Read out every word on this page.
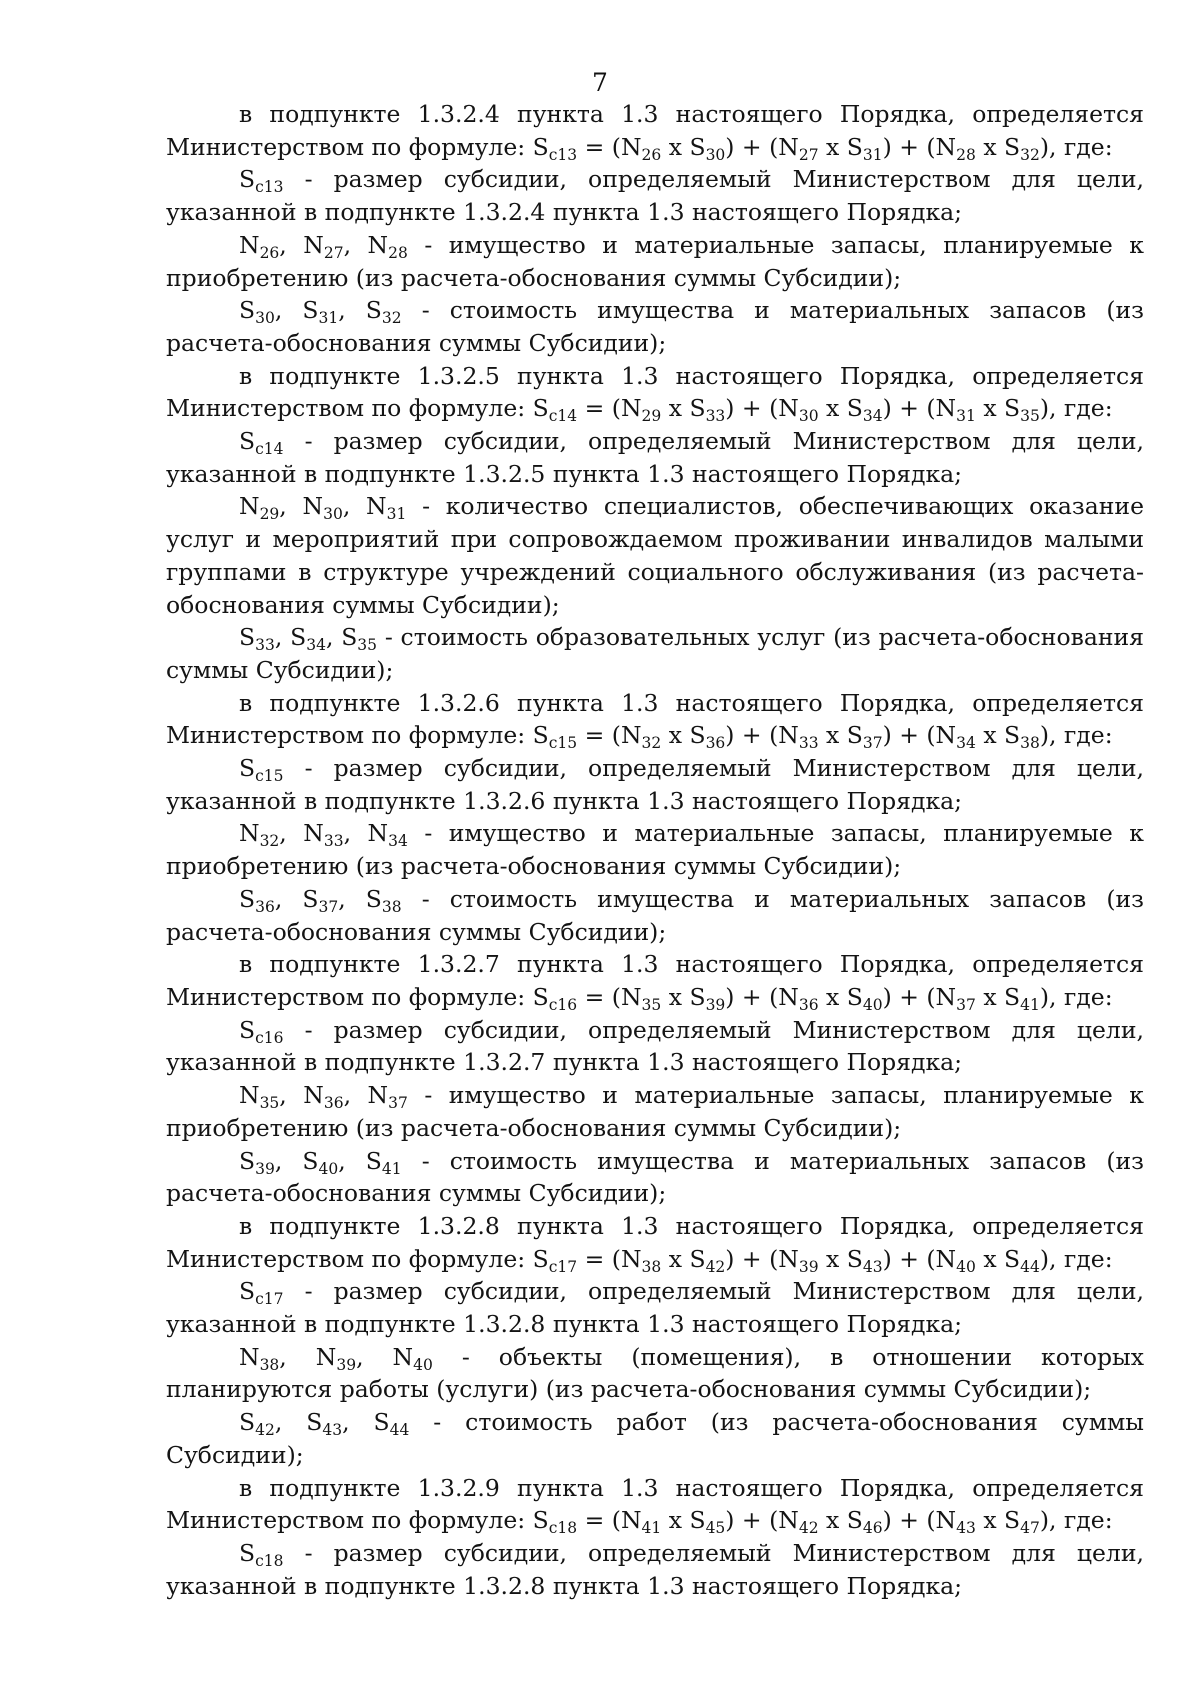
7

в подпункте 1.3.2.4 пункта 1.3 настоящего Порядка, определяется Министерством по формуле: $S_{с13} = (N_{26}$ x $S_{30}) + (N_{27}$ x $S_{31}) + (N_{28}$ x $S_{32}$), где:

$S_{с13}$ - размер субсидии, определяемый Министерством для цели, указанной в подпункте 1.3.2.4 пункта 1.3 настоящего Порядка;

$N_{26}$, $N_{27}$, $N_{28}$ - имущество и материальные запасы, планируемые к приобретению (из расчета-обоснования суммы Субсидии);

$S_{30}$, $S_{31}$, $S_{32}$ - стоимость имущества и материальных запасов (из расчета-обоснования суммы Субсидии);

в подпункте 1.3.2.5 пункта 1.3 настоящего Порядка, определяется Министерством по формуле: $S_{с14} = (N_{29}$ x $S_{33}) + (N_{30}$ x $S_{34}) + (N_{31}$ x $S_{35}$), где:

$S_{с14}$ - размер субсидии, определяемый Министерством для цели, указанной в подпункте 1.3.2.5 пункта 1.3 настоящего Порядка;

$N_{29}$, $N_{30}$, $N_{31}$ - количество специалистов, обеспечивающих оказание услуг и мероприятий при сопровождаемом проживании инвалидов малыми группами в структуре учреждений социального обслуживания (из расчета-обоснования суммы Субсидии);

$S_{33}$, $S_{34}$, $S_{35}$ - стоимость образовательных услуг (из расчета-обоснования суммы Субсидии);

в подпункте 1.3.2.6 пункта 1.3 настоящего Порядка, определяется Министерством по формуле: $S_{с15} = (N_{32}$ x $S_{36}) + (N_{33}$ x $S_{37}) + (N_{34}$ x $S_{38}$), где:

$S_{с15}$ - размер субсидии, определяемый Министерством для цели, указанной в подпункте 1.3.2.6 пункта 1.3 настоящего Порядка;

$N_{32}$, $N_{33}$, $N_{34}$ - имущество и материальные запасы, планируемые к приобретению (из расчета-обоснования суммы Субсидии);

$S_{36}$, $S_{37}$, $S_{38}$ - стоимость имущества и материальных запасов (из расчета-обоснования суммы Субсидии);

в подпункте 1.3.2.7 пункта 1.3 настоящего Порядка, определяется Министерством по формуле: $S_{с16} = (N_{35}$ x $S_{39}) + (N_{36}$ x $S_{40}) + (N_{37}$ x $S_{41}$), где:

$S_{с16}$ - размер субсидии, определяемый Министерством для цели, указанной в подпункте 1.3.2.7 пункта 1.3 настоящего Порядка;

$N_{35}$, $N_{36}$, $N_{37}$ - имущество и материальные запасы, планируемые к приобретению (из расчета-обоснования суммы Субсидии);

$S_{39}$, $S_{40}$, $S_{41}$ - стоимость имущества и материальных запасов (из расчета-обоснования суммы Субсидии);

в подпункте 1.3.2.8 пункта 1.3 настоящего Порядка, определяется Министерством по формуле: $S_{с17} = (N_{38}$ x $S_{42}) + (N_{39}$ x $S_{43}) + (N_{40}$ x $S_{44}$), где:

$S_{с17}$ - размер субсидии, определяемый Министерством для цели, указанной в подпункте 1.3.2.8 пункта 1.3 настоящего Порядка;

$N_{38}$, $N_{39}$, $N_{40}$ - объекты (помещения), в отношении которых планируются работы (услуги) (из расчета-обоснования суммы Субсидии);

$S_{42}$, $S_{43}$, $S_{44}$ - стоимость работ (из расчета-обоснования суммы Субсидии);

в подпункте 1.3.2.9 пункта 1.3 настоящего Порядка, определяется Министерством по формуле: $S_{с18} = (N_{41}$ x $S_{45}) + (N_{42}$ x $S_{46}) + (N_{43}$ x $S_{47}$), где:

$S_{с18}$ - размер субсидии, определяемый Министерством для цели, указанной в подпункте 1.3.2.8 пункта 1.3 настоящего Порядка;
